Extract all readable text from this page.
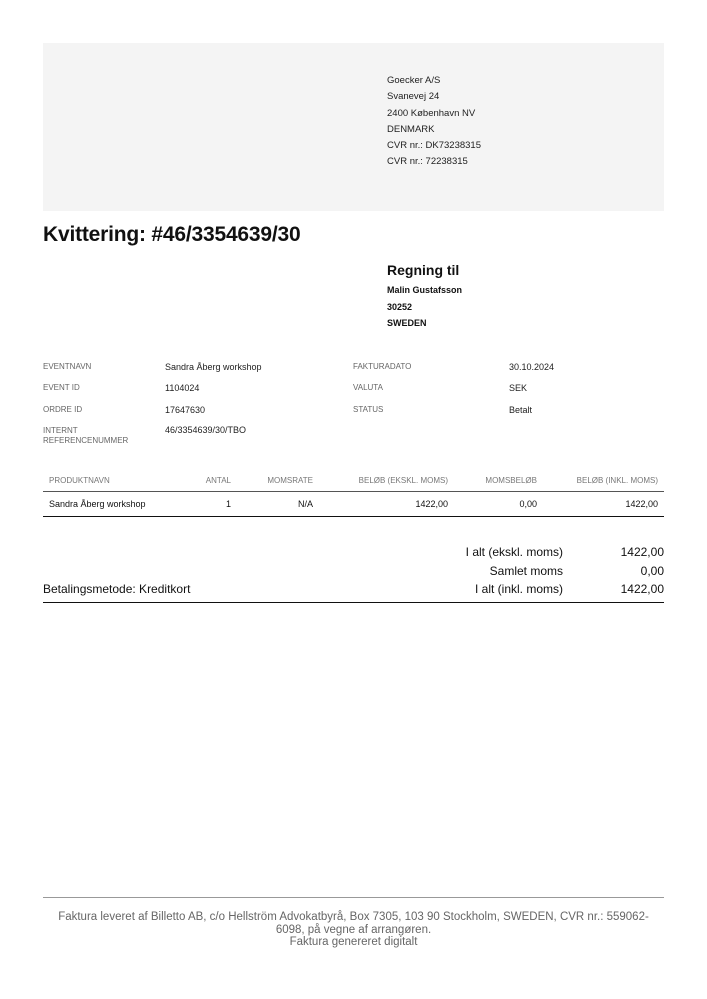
Goecker A/S
Svanevej 24
2400 København NV
DENMARK
CVR nr.: DK73238315
CVR nr.: 72238315
Kvittering: #46/3354639/30
Regning til
Malin Gustafsson
30252
SWEDEN
EVENTNAVN	Sandra Åberg workshop
EVENT ID	1104024
ORDRE ID	17647630
INTERNT
REFERENCENUMMER
46/3354639/30/TBO
FAKTURADATO	30.10.2024
VALUTA	SEK
STATUS	Betalt
PRODUKTNAVN	ANTAL	MOMSRATE	BELØB (EKSKL. MOMS)	MOMSBELØB	BELØB (INKL. MOMS)
Sandra Åberg workshop	1	N/A	1422,00	0,00	1422,00
I alt (ekskl. moms)	1422,00
Samlet moms	0,00
I alt (inkl. moms)	1422,00
Betalingsmetode: Kreditkort
Faktura leveret af Billetto AB, c/o Hellström Advokatbyrå, Box 7305, 103 90 Stockholm, SWEDEN, CVR nr.: 559062-
6098, på vegne af arrangøren.
Faktura genereret digitalt
